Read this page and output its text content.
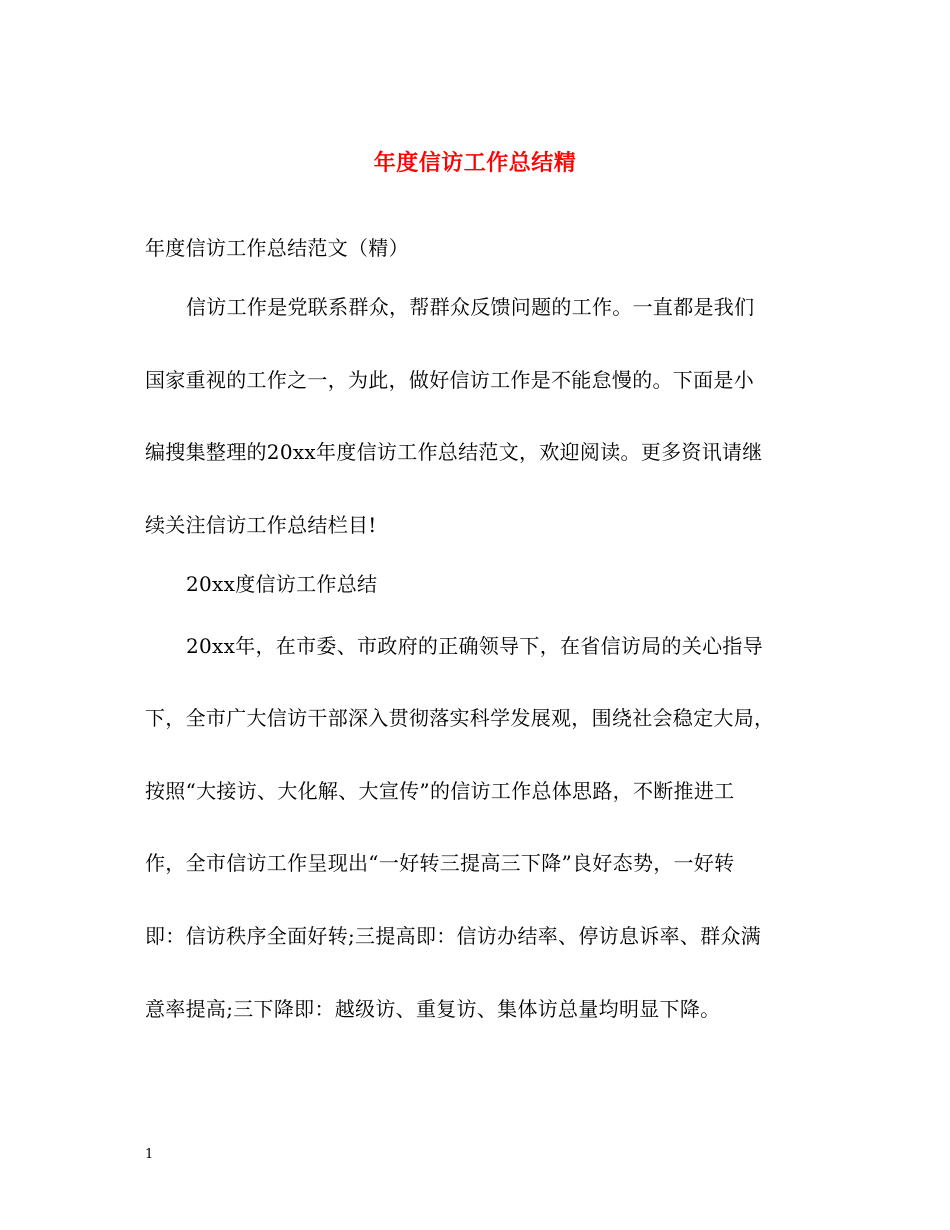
年度信访工作总结精
年度信访工作总结范文（精）
信访工作是党联系群众，帮群众反馈问题的工作。一直都是我们
国家重视的工作之一，为此，做好信访工作是不能怠慢的。下面是小
编搜集整理的20xx年度信访工作总结范文，欢迎阅读。更多资讯请继
续关注信访工作总结栏目!
20xx度信访工作总结
20xx年，在市委、市政府的正确领导下，在省信访局的关心指导
下，全市广大信访干部深入贯彻落实科学发展观，围绕社会稳定大局，
按照“大接访、大化解、大宣传”的信访工作总体思路，不断推进工
作，全市信访工作呈现出“一好转三提高三下降”良好态势，一好转
即：信访秩序全面好转;三提高即：信访办结率、停访息诉率、群众满
意率提高;三下降即：越级访、重复访、集体访总量均明显下降。
1
